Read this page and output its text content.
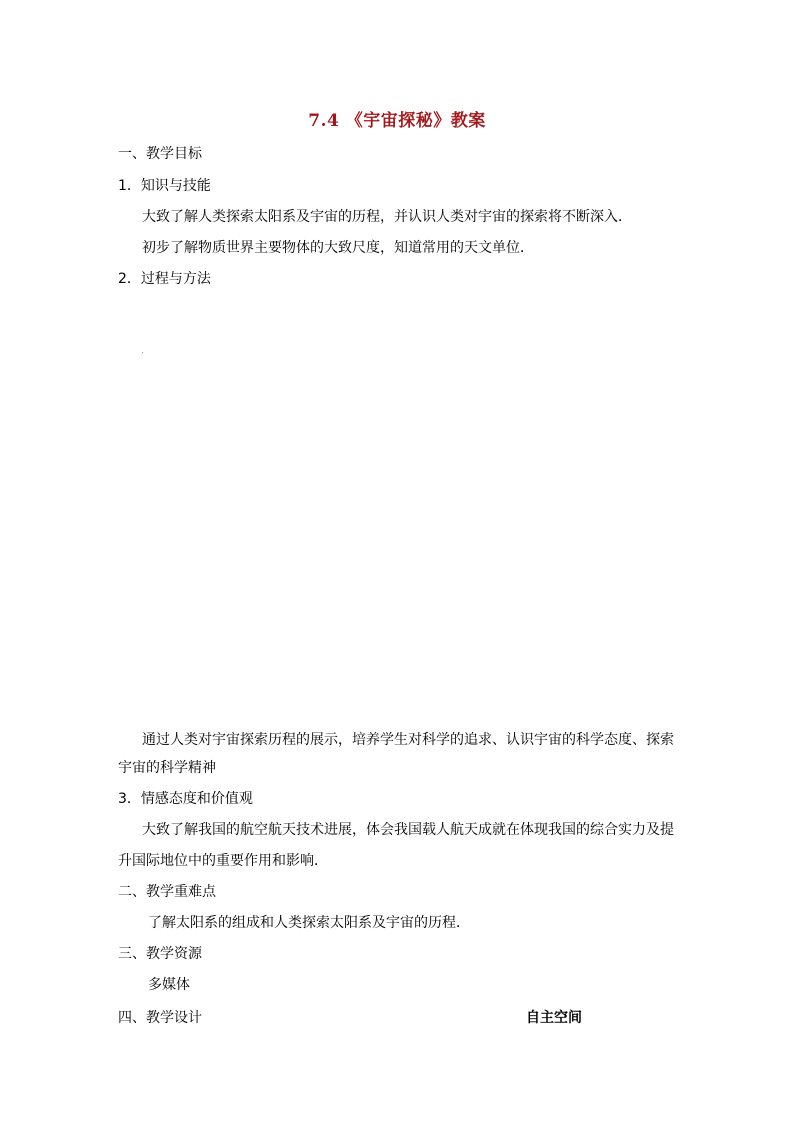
7.4 《宇宙探秘》教案
一、教学目标
1．知识与技能
大致了解人类探索太阳系及宇宙的历程，并认识人类对宇宙的探索将不断深入．
初步了解物质世界主要物体的大致尺度，知道常用的天文单位．
2．过程与方法
通过人类对宇宙探索历程的展示，培养学生对科学的追求、认识宇宙的科学态度、探索
宇宙的科学精神
3．情感态度和价值观
大致了解我国的航空航天技术进展，体会我国载人航天成就在体现我国的综合实力及提
升国际地位中的重要作用和影响．
二、教学重难点
了解太阳系的组成和人类探索太阳系及宇宙的历程．
三、教学资源
多媒体
四、教学设计	自主空间
